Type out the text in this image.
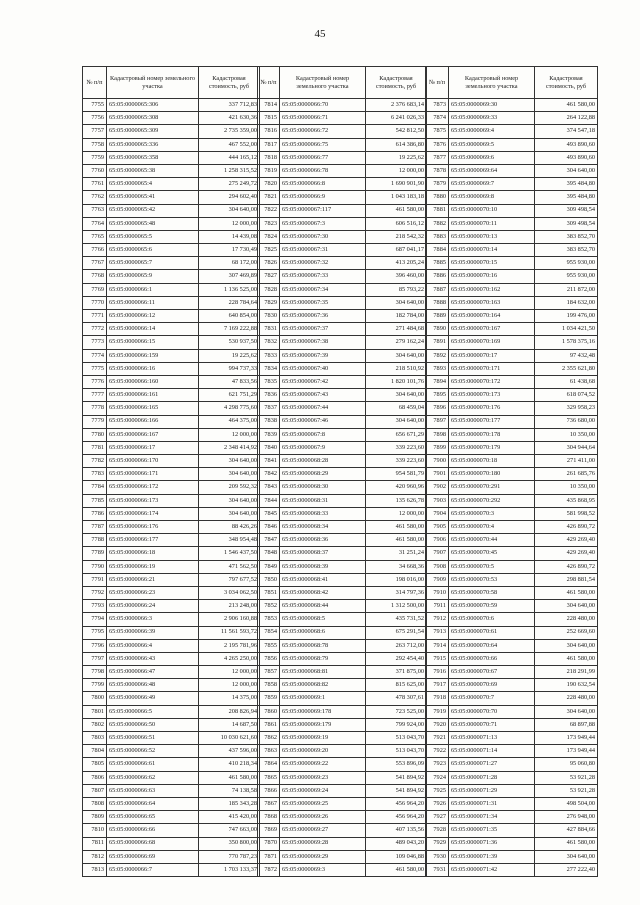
45
№ п/п	Кадастровый номер земельного участка	Кадастровая стоимость, руб
7755	65:05:0000065:306	337 712,83
7756	65:05:0000065:308	421 630,36
7757	65:05:0000065:309	2 735 359,00
7758	65:05:0000065:336	467 552,00
7759	65:05:0000065:358	444 165,12
7760	65:05:0000065:38	1 258 315,52
7761	65:05:0000065:4	275 249,72
7762	65:05:0000065:41	294 602,40
7763	65:05:0000065:42	304 640,00
7764	65:05:0000065:48	12 000,00
7765	65:05:0000065:5	14 439,08
7766	65:05:0000065:6	17 730,49
7767	65:05:0000065:7	68 172,00
7768	65:05:0000065:9	307 469,89
7769	65:05:0000066:1	1 136 525,00
7770	65:05:0000066:11	228 784,64
7771	65:05:0000066:12	640 854,00
7772	65:05:0000066:14	7 169 222,88
7773	65:05:0000066:15	530 937,50
7774	65:05:0000066:159	19 225,62
7775	65:05:0000066:16	994 737,33
7776	65:05:0000066:160	47 833,56
7777	65:05:0000066:161	621 751,29
7778	65:05:0000066:165	4 298 775,60
7779	65:05:0000066:166	464 375,00
7780	65:05:0000066:167	12 000,00
7781	65:05:0000066:17	2 348 414,92
7782	65:05:0000066:170	304 640,00
7783	65:05:0000066:171	304 640,00
7784	65:05:0000066:172	209 592,32
7785	65:05:0000066:173	304 640,00
7786	65:05:0000066:174	304 640,00
7787	65:05:0000066:176	88 426,26
7788	65:05:0000066:177	348 954,48
7789	65:05:0000066:18	1 546 437,50
7790	65:05:0000066:19	471 562,50
7791	65:05:0000066:21	797 677,52
7792	65:05:0000066:23	3 034 062,50
7793	65:05:0000066:24	213 248,00
7794	65:05:0000066:3	2 906 160,88
7795	65:05:0000066:39	11 561 593,72
7796	65:05:0000066:4	2 195 781,96
7797	65:05:0000066:43	4 265 250,00
7798	65:05:0000066:47	12 000,00
7799	65:05:0000066:48	12 000,00
7800	65:05:0000066:49	14 375,00
7801	65:05:0000066:5	208 826,94
7802	65:05:0000066:50	14 687,50
7803	65:05:0000066:51	10 030 621,60
7804	65:05:0000066:52	437 596,00
7805	65:05:0000066:61	410 218,34
7806	65:05:0000066:62	461 580,00
7807	65:05:0000066:63	74 138,58
7808	65:05:0000066:64	185 343,28
7809	65:05:0000066:65	415 420,00
7810	65:05:0000066:66	747 663,00
7811	65:05:0000066:68	350 800,00
7812	65:05:0000066:69	770 787,23
7813	65:05:0000066:7	1 703 133,37
№ п/п	Кадастровый номер земельного участка	Кадастровая стоимость, руб
7814	65:05:0000066:70	2 376 683,14
7815	65:05:0000066:71	6 241 026,33
7816	65:05:0000066:72	542 812,50
7817	65:05:0000066:75	614 386,80
7818	65:05:0000066:77	19 225,62
7819	65:05:0000066:78	12 000,00
7820	65:05:0000066:8	1 690 901,90
7821	65:05:0000066:9	1 043 183,18
7822	65:05:0000067:117	461 580,00
7823	65:05:0000067:3	606 516,12
7824	65:05:0000067:30	218 542,32
7825	65:05:0000067:31	687 041,17
7826	65:05:0000067:32	413 205,24
7827	65:05:0000067:33	396 460,00
7828	65:05:0000067:34	85 793,22
7829	65:05:0000067:35	304 640,00
7830	65:05:0000067:36	182 784,00
7831	65:05:0000067:37	271 484,68
7832	65:05:0000067:38	279 162,24
7833	65:05:0000067:39	304 640,00
7834	65:05:0000067:40	218 510,92
7835	65:05:0000067:42	1 820 101,76
7836	65:05:0000067:43	304 640,00
7837	65:05:0000067:44	68 459,04
7838	65:05:0000067:46	304 640,00
7839	65:05:0000067:8	656 671,29
7840	65:05:0000067:9	339 223,60
7841	65:05:0000068:28	339 223,60
7842	65:05:0000068:29	954 581,79
7843	65:05:0000068:30	420 960,96
7844	65:05:0000068:31	135 626,78
7845	65:05:0000068:33	12 000,00
7846	65:05:0000068:34	461 580,00
7847	65:05:0000068:36	461 580,00
7848	65:05:0000068:37	31 251,24
7849	65:05:0000068:39	34 668,36
7850	65:05:0000068:41	198 016,00
7851	65:05:0000068:42	314 797,36
7852	65:05:0000068:44	1 312 500,00
7853	65:05:0000068:5	435 731,52
7854	65:05:0000068:6	675 291,54
7855	65:05:0000068:78	263 712,00
7856	65:05:0000068:79	292 454,40
7857	65:05:0000068:81	371 875,00
7858	65:05:0000068:82	815 625,00
7859	65:05:0000069:1	478 307,61
7860	65:05:0000069:178	723 525,00
7861	65:05:0000069:179	799 924,00
7862	65:05:0000069:19	513 043,70
7863	65:05:0000069:20	513 043,70
7864	65:05:0000069:22	553 896,09
7865	65:05:0000069:23	541 894,92
7866	65:05:0000069:24	541 894,92
7867	65:05:0000069:25	456 964,20
7868	65:05:0000069:26	456 964,20
7869	65:05:0000069:27	407 135,56
7870	65:05:0000069:28	489 043,20
7871	65:05:0000069:29	109 046,88
7872	65:05:0000069:3	461 580,00
№ п/п	Кадастровый номер земельного участка	Кадастровая стоимость, руб
7873	65:05:0000069:30	461 580,00
7874	65:05:0000069:33	264 122,88
7875	65:05:0000069:4	374 547,18
7876	65:05:0000069:5	493 890,60
7877	65:05:0000069:6	493 890,60
7878	65:05:0000069:64	304 640,00
7879	65:05:0000069:7	395 484,80
7880	65:05:0000069:8	395 484,80
7881	65:05:0000070:10	309 498,54
7882	65:05:0000070:11	309 498,54
7883	65:05:0000070:13	383 852,70
7884	65:05:0000070:14	383 852,70
7885	65:05:0000070:15	955 930,00
7886	65:05:0000070:16	955 930,00
7887	65:05:0000070:162	211 872,00
7888	65:05:0000070:163	184 632,00
7889	65:05:0000070:164	199 476,00
7890	65:05:0000070:167	1 034 421,50
7891	65:05:0000070:169	1 578 375,16
7892	65:05:0000070:17	97 432,48
7893	65:05:0000070:171	2 355 621,80
7894	65:05:0000070:172	61 438,68
7895	65:05:0000070:173	618 074,52
7896	65:05:0000070:176	329 958,23
7897	65:05:0000070:177	736 680,00
7898	65:05:0000070:178	10 350,00
7899	65:05:0000070:179	304 944,64
7900	65:05:0000070:18	271 411,00
7901	65:05:0000070:180	261 685,76
7902	65:05:0000070:291	10 350,00
7903	65:05:0000070:292	435 868,95
7904	65:05:0000070:3	581 998,52
7905	65:05:0000070:4	426 890,72
7906	65:05:0000070:44	429 269,40
7907	65:05:0000070:45	429 269,40
7908	65:05:0000070:5	426 890,72
7909	65:05:0000070:53	298 881,54
7910	65:05:0000070:58	461 580,00
7911	65:05:0000070:59	304 640,00
7912	65:05:0000070:6	228 480,00
7913	65:05:0000070:61	252 669,60
7914	65:05:0000070:64	304 640,00
7915	65:05:0000070:66	461 580,00
7916	65:05:0000070:67	218 291,99
7917	65:05:0000070:69	190 632,54
7918	65:05:0000070:7	228 480,00
7919	65:05:0000070:70	304 640,00
7920	65:05:0000070:71	68 897,88
7921	65:05:0000071:13	173 949,44
7922	65:05:0000071:14	173 949,44
7923	65:05:0000071:27	95 060,80
7924	65:05:0000071:28	53 921,28
7925	65:05:0000071:29	53 921,28
7926	65:05:0000071:31	498 504,00
7927	65:05:0000071:34	276 948,00
7928	65:05:0000071:35	427 884,66
7929	65:05:0000071:36	461 580,00
7930	65:05:0000071:39	304 640,00
7931	65:05:0000071:42	277 222,40
